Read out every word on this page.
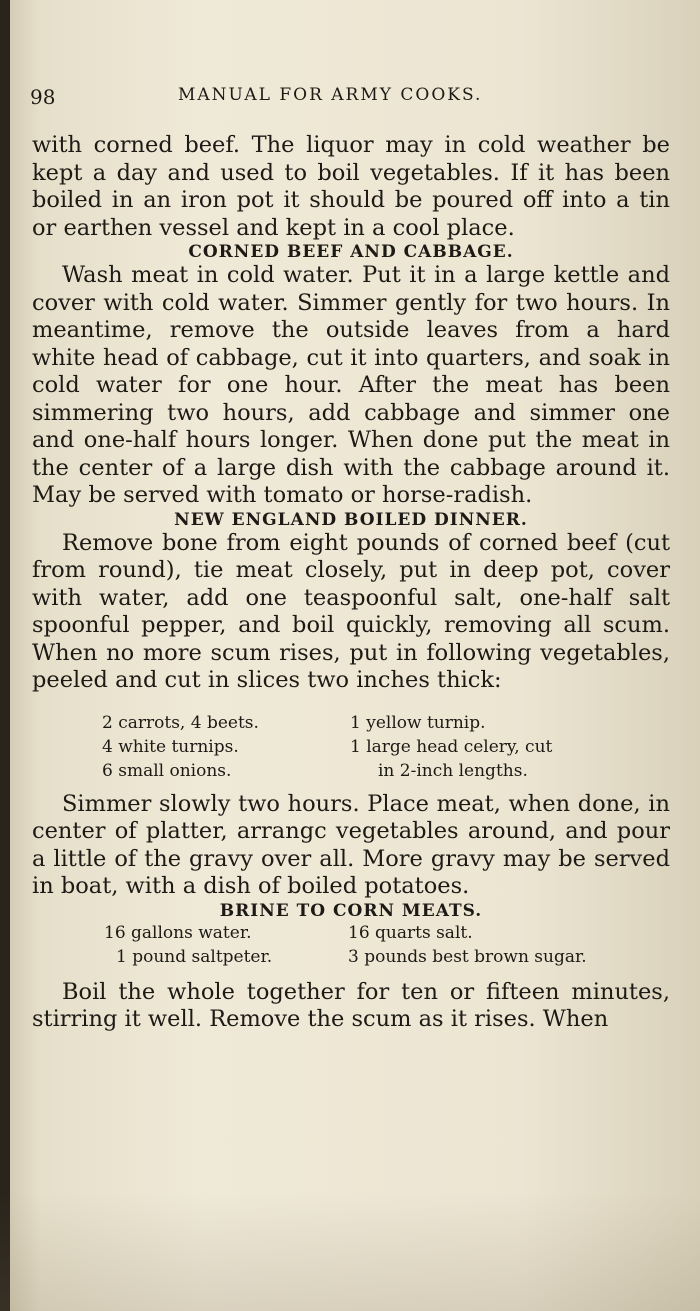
98	MANUAL FOR ARMY COOKS.

with corned beef. The liquor may in cold weather be kept a day and used to boil vegetables. If it has been boiled in an iron pot it should be poured off into a tin or earthen vessel and kept in a cool place.

CORNED BEEF AND CABBAGE.

Wash meat in cold water. Put it in a large kettle and cover with cold water. Simmer gently for two hours. In meantime, remove the outside leaves from a hard white head of cabbage, cut it into quarters, and soak in cold water for one hour. After the meat has been simmering two hours, add cabbage and simmer one and one-half hours longer. When done put the meat in the center of a large dish with the cabbage around it. May be served with tomato or horse-radish.

NEW ENGLAND BOILED DINNER.

Remove bone from eight pounds of corned beef (cut from round), tie meat closely, put in deep pot, cover with water, add one teaspoonful salt, one-half salt spoonful pepper, and boil quickly, removing all scum. When no more scum rises, put in following vegetables, peeled and cut in slices two inches thick:

2 carrots, 4 beets.	1 yellow turnip.
4 white turnips.	1 large head celery, cut
6 small onions.	in 2-inch lengths.

Simmer slowly two hours. Place meat, when done, in center of platter, arrangc vegetables around, and pour a little of the gravy over all. More gravy may be served in boat, with a dish of boiled potatoes.

BRINE TO CORN MEATS.
16 gallons water.	16 quarts salt.
1 pound saltpeter.	3 pounds best brown sugar.

Boil the whole together for ten or fifteen minutes, stirring it well. Remove the scum as it rises. When
